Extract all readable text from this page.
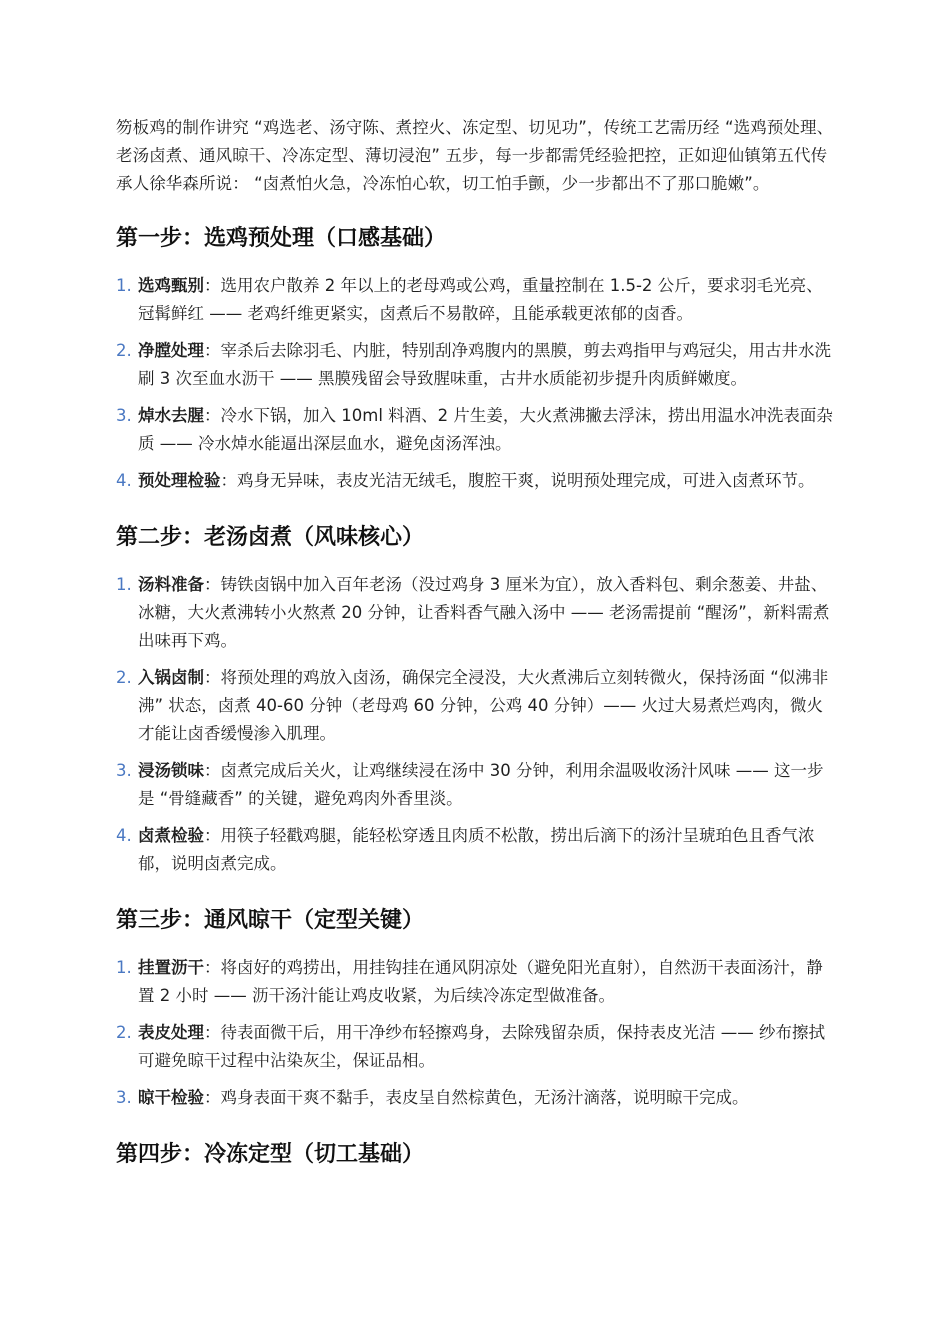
笏板鸡的制作讲究 “鸡选老、汤守陈、煮控火、冻定型、切见功”，传统工艺需历经 “选鸡预处理、老汤卤煮、通风晾干、冷冻定型、薄切浸泡” 五步，每一步都需凭经验把控，正如迎仙镇第五代传承人徐华森所说： “卤煮怕火急，冷冻怕心软，切工怕手颤，少一步都出不了那口脆嫩”。

第一步：选鸡预处理（口感基础）
1. 选鸡甄别：选用农户散养 2 年以上的老母鸡或公鸡，重量控制在 1.5-2 公斤，要求羽毛光亮、冠髯鲜红 —— 老鸡纤维更紧实，卤煮后不易散碎，且能承载更浓郁的卤香。
2. 净膛处理：宰杀后去除羽毛、内脏，特别刮净鸡腹内的黑膜，剪去鸡指甲与鸡冠尖，用古井水洗刷 3 次至血水沥干 —— 黑膜残留会导致腥味重，古井水质能初步提升肉质鲜嫩度。
3. 焯水去腥：冷水下锅，加入 10ml 料酒、2 片生姜，大火煮沸撇去浮沫，捞出用温水冲洗表面杂质 —— 冷水焯水能逼出深层血水，避免卤汤浑浊。
4. 预处理检验：鸡身无异味，表皮光洁无绒毛，腹腔干爽，说明预处理完成，可进入卤煮环节。
第二步：老汤卤煮（风味核心）
1. 汤料准备：铸铁卤锅中加入百年老汤（没过鸡身 3 厘米为宜），放入香料包、剩余葱姜、井盐、冰糖，大火煮沸转小火熬煮 20 分钟，让香料香气融入汤中 —— 老汤需提前 “醒汤”，新料需煮出味再下鸡。
2. 入锅卤制：将预处理的鸡放入卤汤，确保完全浸没，大火煮沸后立刻转微火，保持汤面 “似沸非沸” 状态，卤煮 40-60 分钟（老母鸡 60 分钟，公鸡 40 分钟）—— 火过大易煮烂鸡肉，微火才能让卤香缓慢渗入肌理。
3. 浸汤锁味：卤煮完成后关火，让鸡继续浸在汤中 30 分钟，利用余温吸收汤汁风味 —— 这一步是 “骨缝藏香” 的关键，避免鸡肉外香里淡。
4. 卤煮检验：用筷子轻戳鸡腿，能轻松穿透且肉质不松散，捞出后滴下的汤汁呈琥珀色且香气浓郁，说明卤煮完成。
第三步：通风晾干（定型关键）
1. 挂置沥干：将卤好的鸡捞出，用挂钩挂在通风阴凉处（避免阳光直射），自然沥干表面汤汁，静置 2 小时 —— 沥干汤汁能让鸡皮收紧，为后续冷冻定型做准备。
2. 表皮处理：待表面微干后，用干净纱布轻擦鸡身，去除残留杂质，保持表皮光洁 —— 纱布擦拭可避免晾干过程中沾染灰尘，保证品相。
3. 晾干检验：鸡身表面干爽不黏手，表皮呈自然棕黄色，无汤汁滴落，说明晾干完成。
第四步：冷冻定型（切工基础）
